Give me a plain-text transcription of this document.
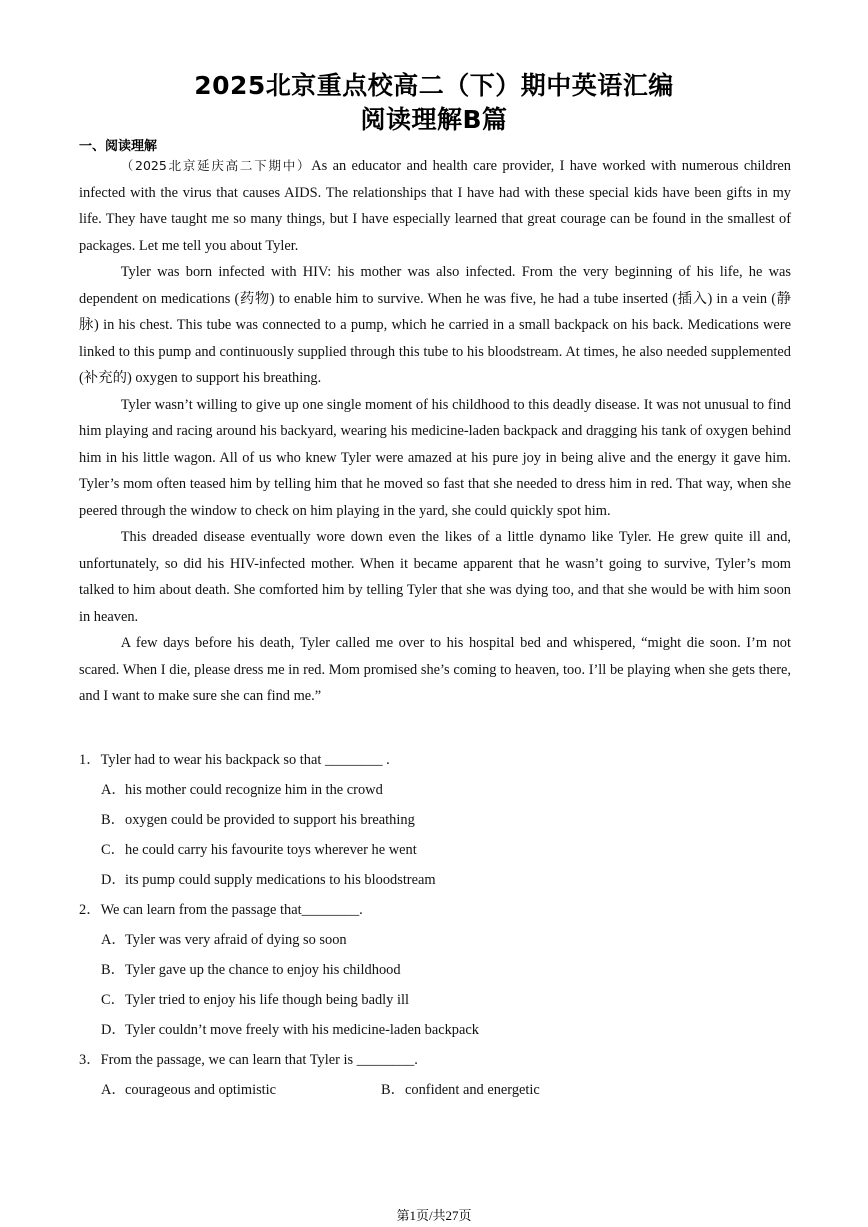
2025北京重点校高二（下）期中英语汇编
阅读理解B篇
一、阅读理解

（2025北京延庆高二下期中）As an educator and health care provider, I have worked with numerous children infected with the virus that causes AIDS. The relationships that I have had with these special kids have been gifts in my life. They have taught me so many things, but I have especially learned that great courage can be found in the smallest of packages. Let me tell you about Tyler.

Tyler was born infected with HIV: his mother was also infected. From the very beginning of his life, he was dependent on medications (药物) to enable him to survive. When he was five, he had a tube inserted (插入) in a vein (静脉) in his chest. This tube was connected to a pump, which he carried in a small backpack on his back. Medications were linked to this pump and continuously supplied through this tube to his bloodstream. At times, he also needed supplemented (补充的) oxygen to support his breathing.

Tyler wasn’t willing to give up one single moment of his childhood to this deadly disease. It was not unusual to find him playing and racing around his backyard, wearing his medicine-laden backpack and dragging his tank of oxygen behind him in his little wagon. All of us who knew Tyler were amazed at his pure joy in being alive and the energy it gave him. Tyler’s mom often teased him by telling him that he moved so fast that she needed to dress him in red. That way, when she peered through the window to check on him playing in the yard, she could quickly spot him.

This dreaded disease eventually wore down even the likes of a little dynamo like Tyler. He grew quite ill and, unfortunately, so did his HIV-infected mother. When it became apparent that he wasn’t going to survive, Tyler’s mom talked to him about death. She comforted him by telling Tyler that she was dying too, and that she would be with him soon in heaven.

A few days before his death, Tyler called me over to his hospital bed and whispered, “might die soon. I’m not scared. When I die, please dress me in red. Mom promised she’s coming to heaven, too. I’ll be playing when she gets there, and I want to make sure she can find me.”

1．Tyler had to wear his backpack so that ________ .
A．his mother could recognize him in the crowd
B．oxygen could be provided to support his breathing
C．he could carry his favourite toys wherever he went
D．its pump could supply medications to his bloodstream
2．We can learn from the passage that________.
A．Tyler was very afraid of dying so soon
B．Tyler gave up the chance to enjoy his childhood
C．Tyler tried to enjoy his life though being badly ill
D．Tyler couldn’t move freely with his medicine-laden backpack
3．From the passage, we can learn that Tyler is ________.
A．courageous and optimistic	B．confident and energetic
第1页/共27页
